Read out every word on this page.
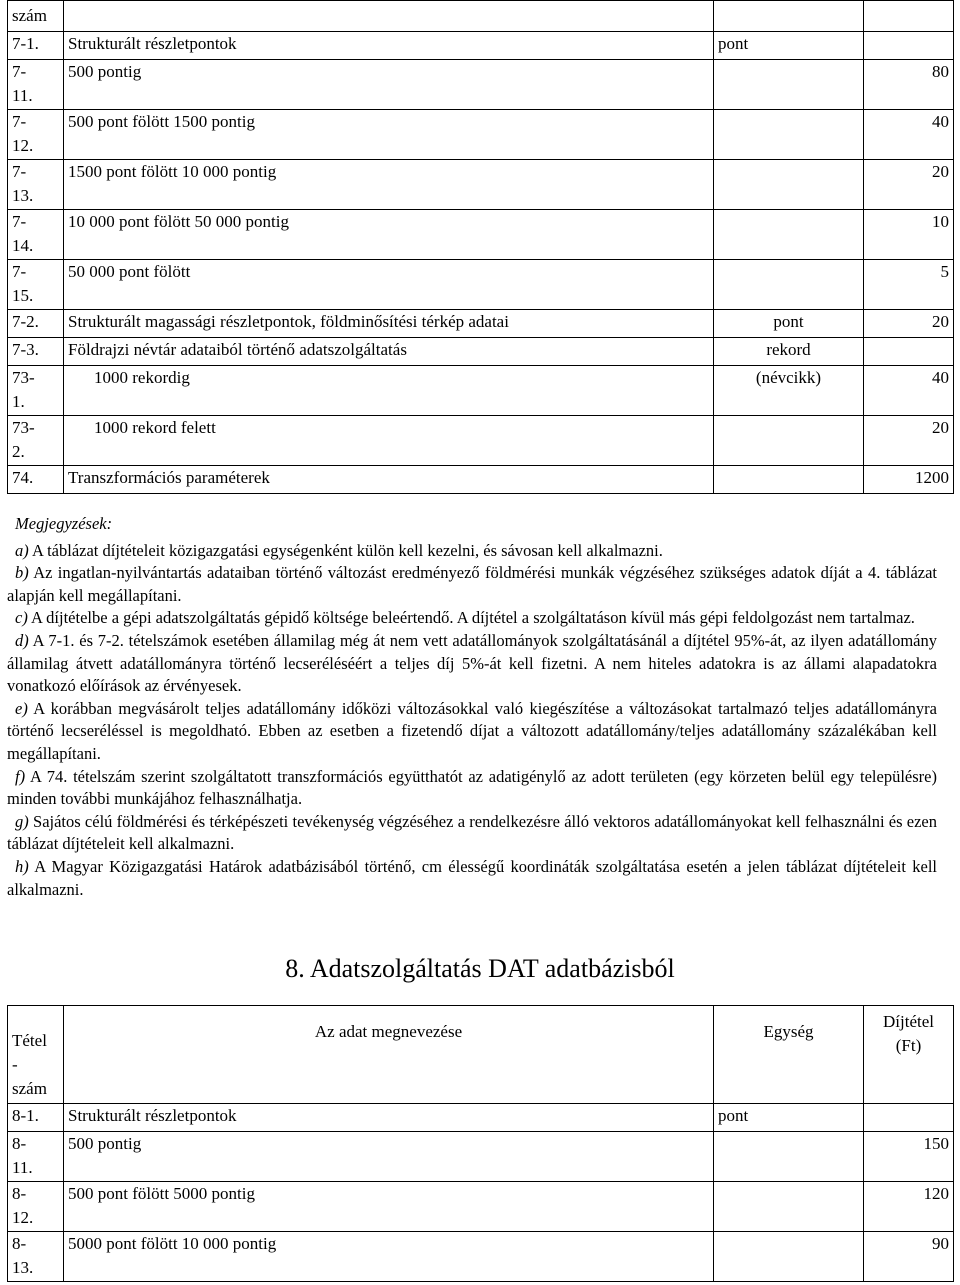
szám			
7-1.	Strukturált részletpontok	pont	
7-
11.	500 pontig		80
7-
12.	500 pont fölött 1500 pontig		40
7-
13.	1500 pont fölött 10 000 pontig		20
7-
14.	10 000 pont fölött 50 000 pontig		10
7-
15.	50 000 pont fölött		5
7-2.	Strukturált magassági részletpontok, földminősítési térkép adatai	pont	20
7-3.	Földrajzi névtár adataiból történő adatszolgáltatás	rekord	
73-
1.	1000 rekordig	(névcikk)	40
73-
2.	1000 rekord felett		20
74.	Transzformációs paraméterek		1200

Megjegyzések:

a) A táblázat díjtételeit közigazgatási egységenként külön kell kezelni, és sávosan kell alkalmazni.

b) Az ingatlan-nyilvántartás adataiban történő változást eredményező földmérési munkák végzéséhez szükséges adatok díját a 4. táblázat alapján kell megállapítani.

c) A díjtételbe a gépi adatszolgáltatás gépidő költsége beleértendő. A díjtétel a szolgáltatáson kívül más gépi feldolgozást nem tartalmaz.

d) A 7-1. és 7-2. tételszámok esetében államilag még át nem vett adatállományok szolgáltatásánál a díjtétel 95%-át, az ilyen adatállomány államilag átvett adatállományra történő lecseréléséért a teljes díj 5%-át kell fizetni. A nem hiteles adatokra is az állami alapadatokra vonatkozó előírások az érvényesek.

e) A korábban megvásárolt teljes adatállomány időközi változásokkal való kiegészítése a változásokat tartalmazó teljes adatállományra történő lecseréléssel is megoldható. Ebben az esetben a fizetendő díjat a változott adatállomány/teljes adatállomány százalékában kell megállapítani.

f) A 74. tételszám szerint szolgáltatott transzformációs együtthatót az adatigénylő az adott területen (egy körzeten belül egy településre) minden további munkájához felhasználhatja.

g) Sajátos célú földmérési és térképészeti tevékenység végzéséhez a rendelkezésre álló vektoros adatállományokat kell felhasználni és ezen táblázat díjtételeit kell alkalmazni.

h) A Magyar Közigazgatási Határok adatbázisából történő, cm élességű koordináták szolgáltatása esetén a jelen táblázat díjtételeit kell alkalmazni.

8. Adatszolgáltatás DAT adatbázisból
Tétel
-
szám	Az adat megnevezése	Egység	Díjtétel
(Ft)
8-1.	Strukturált részletpontok	pont	
8-
11.	500 pontig		150
8-
12.	500 pont fölött 5000 pontig		120
8-
13.	5000 pont fölött 10 000 pontig		90
